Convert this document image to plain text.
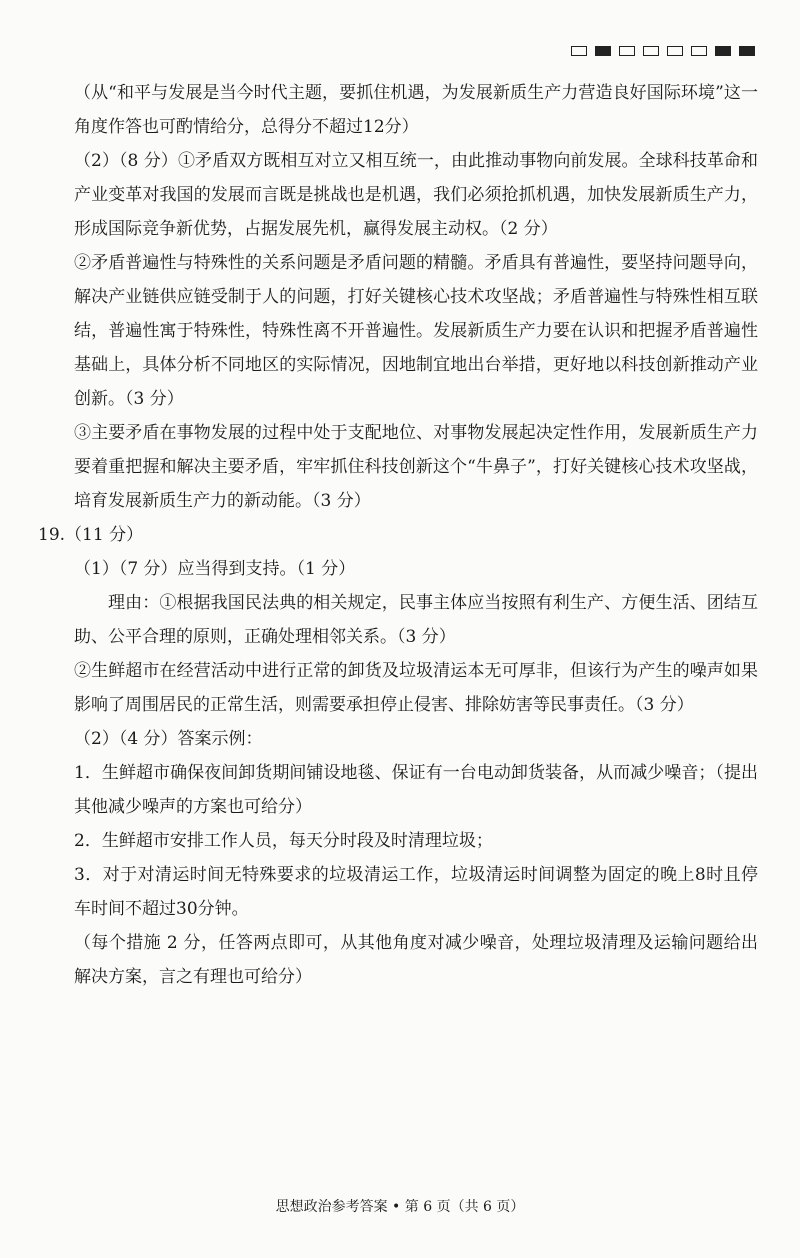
（从“和平与发展是当今时代主题，要抓住机遇，为发展新质生产力营造良好国际环境”这一角度作答也可酌情给分，总得分不超过12分）

（2）（8 分）①矛盾双方既相互对立又相互统一，由此推动事物向前发展。全球科技革命和产业变革对我国的发展而言既是挑战也是机遇，我们必须抢抓机遇，加快发展新质生产力，形成国际竞争新优势，占据发展先机，赢得发展主动权。（2 分）

②矛盾普遍性与特殊性的关系问题是矛盾问题的精髓。矛盾具有普遍性，要坚持问题导向，解决产业链供应链受制于人的问题，打好关键核心技术攻坚战；矛盾普遍性与特殊性相互联结，普遍性寓于特殊性，特殊性离不开普遍性。发展新质生产力要在认识和把握矛盾普遍性基础上，具体分析不同地区的实际情况，因地制宜地出台举措，更好地以科技创新推动产业创新。（3 分）

③主要矛盾在事物发展的过程中处于支配地位、对事物发展起决定性作用，发展新质生产力要着重把握和解决主要矛盾，牢牢抓住科技创新这个“牛鼻子”，打好关键核心技术攻坚战，培育发展新质生产力的新动能。（3 分）

19.（11 分）

（1）（7 分）应当得到支持。（1 分）

理由：①根据我国民法典的相关规定，民事主体应当按照有利生产、方便生活、团结互助、公平合理的原则，正确处理相邻关系。（3 分）

②生鲜超市在经营活动中进行正常的卸货及垃圾清运本无可厚非，但该行为产生的噪声如果影响了周围居民的正常生活，则需要承担停止侵害、排除妨害等民事责任。（3 分）

（2）（4 分）答案示例：

1．生鲜超市确保夜间卸货期间铺设地毯、保证有一台电动卸货装备，从而减少噪音；（提出其他减少噪声的方案也可给分）

2．生鲜超市安排工作人员，每天分时段及时清理垃圾；

3．对于对清运时间无特殊要求的垃圾清运工作，垃圾清运时间调整为固定的晚上8时且停车时间不超过30分钟。

（每个措施 2 分，任答两点即可，从其他角度对减少噪音，处理垃圾清理及运输问题给出解决方案，言之有理也可给分）

思想政治参考答案 • 第 6 页（共 6 页）
